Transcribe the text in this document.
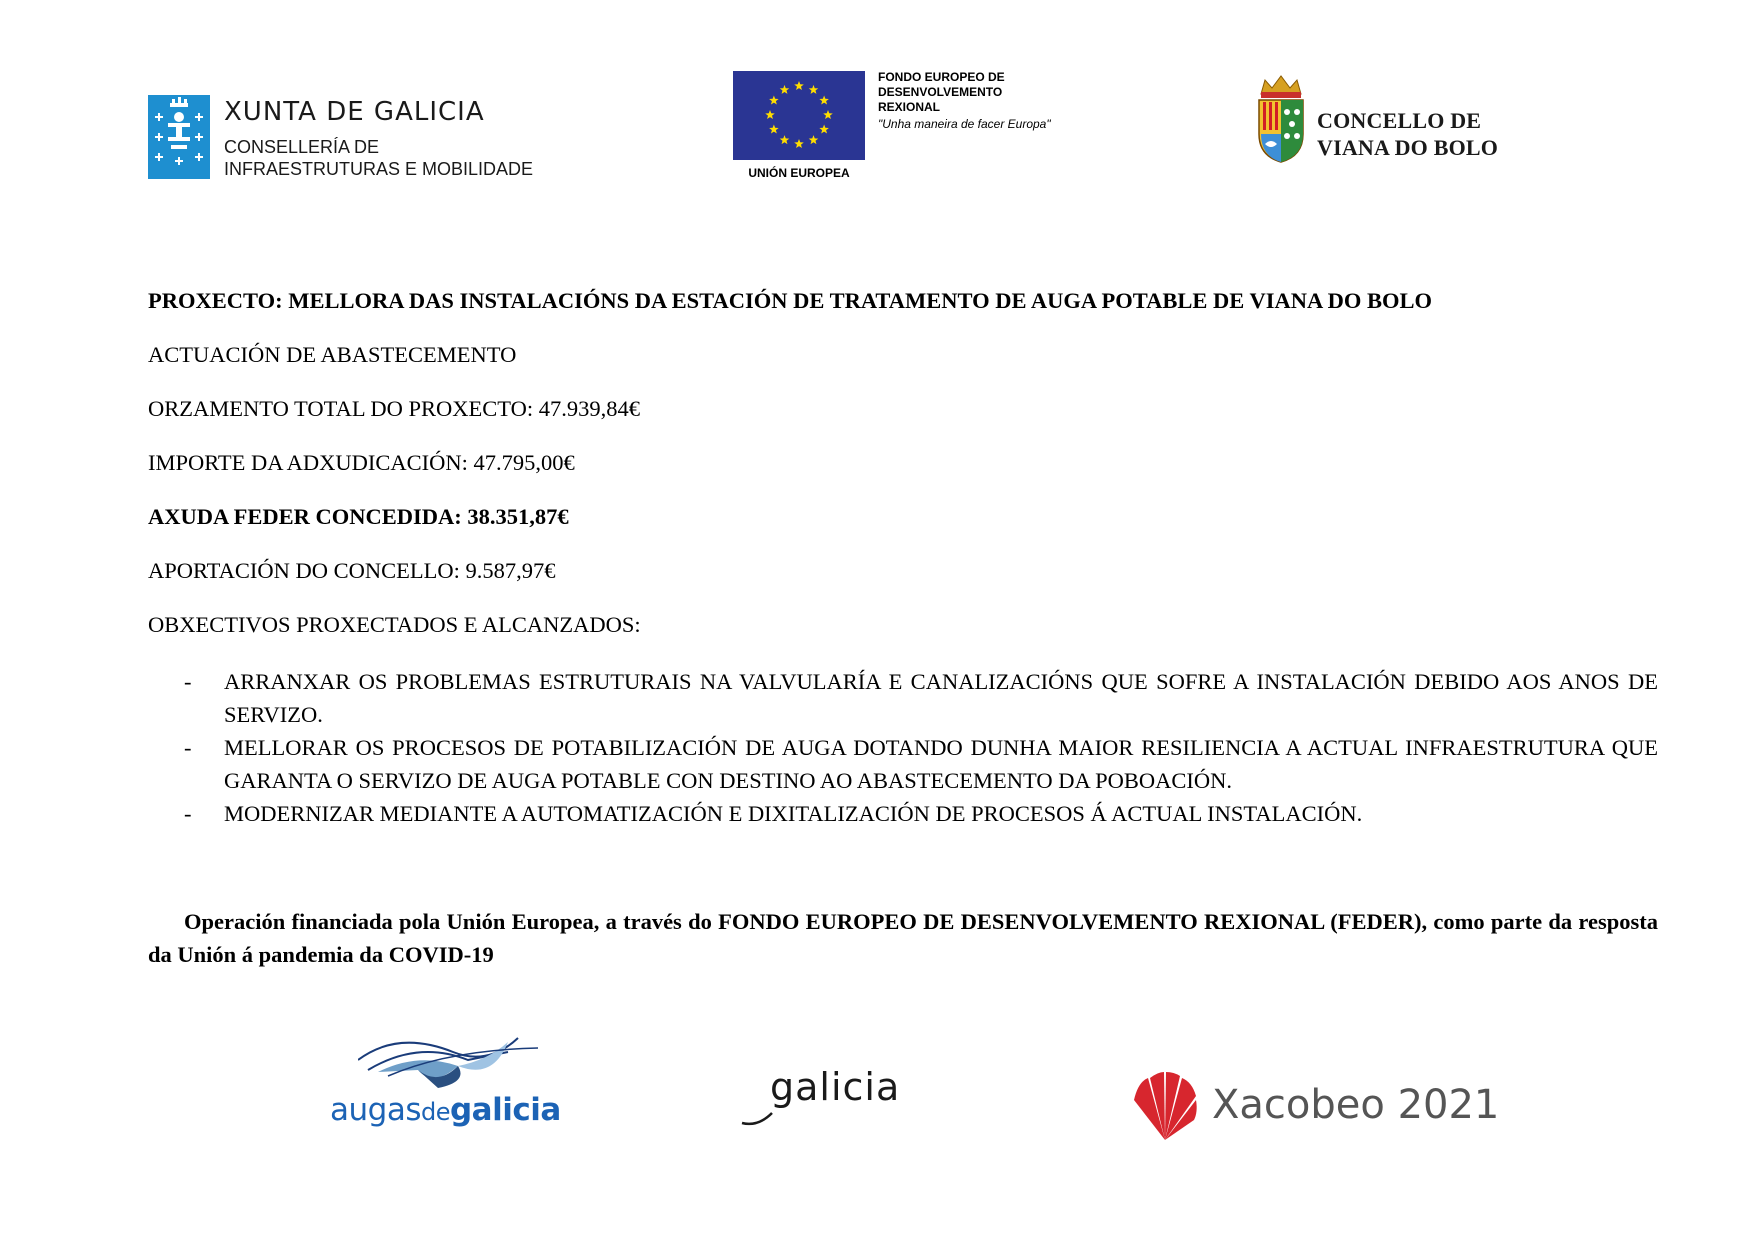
XUNTA DE GALICIA
CONSELLERÍA DE
INFRAESTRUTURAS E MOBILIDADE
FONDO EUROPEO DE DESENVOLVEMENTO REXIONAL
"Unha maneira de facer Europa"
UNIÓN EUROPEA
CONCELLO DE
VIANA DO BOLO
PROXECTO: MELLORA DAS INSTALACIÓNS DA ESTACIÓN DE TRATAMENTO DE AUGA POTABLE DE VIANA DO BOLO
ACTUACIÓN DE ABASTECEMENTO
ORZAMENTO TOTAL DO PROXECTO: 47.939,84€
IMPORTE DA ADXUDICACIÓN: 47.795,00€
AXUDA FEDER CONCEDIDA: 38.351,87€
APORTACIÓN DO CONCELLO: 9.587,97€
OBXECTIVOS PROXECTADOS E ALCANZADOS:
- ARRANXAR OS PROBLEMAS ESTRUTURAIS NA VALVULARÍA E CANALIZACIÓNS QUE SOFRE A INSTALACIÓN DEBIDO AOS ANOS DE SERVIZO.
- MELLORAR OS PROCESOS DE POTABILIZACIÓN DE AUGA DOTANDO DUNHA MAIOR RESILIENCIA A ACTUAL INFRAESTRUTURA QUE GARANTA O SERVIZO DE AUGA POTABLE CON DESTINO AO ABASTECEMENTO DA POBOACIÓN.
- MODERNIZAR MEDIANTE A AUTOMATIZACIÓN E DIXITALIZACIÓN DE PROCESOS Á ACTUAL INSTALACIÓN.
Operación financiada pola Unión Europea, a través do FONDO EUROPEO DE DESENVOLVEMENTO REXIONAL (FEDER), como parte da resposta da Unión á pandemia da COVID-19
augasdegalicia
galicia	Xacobeo 2021
